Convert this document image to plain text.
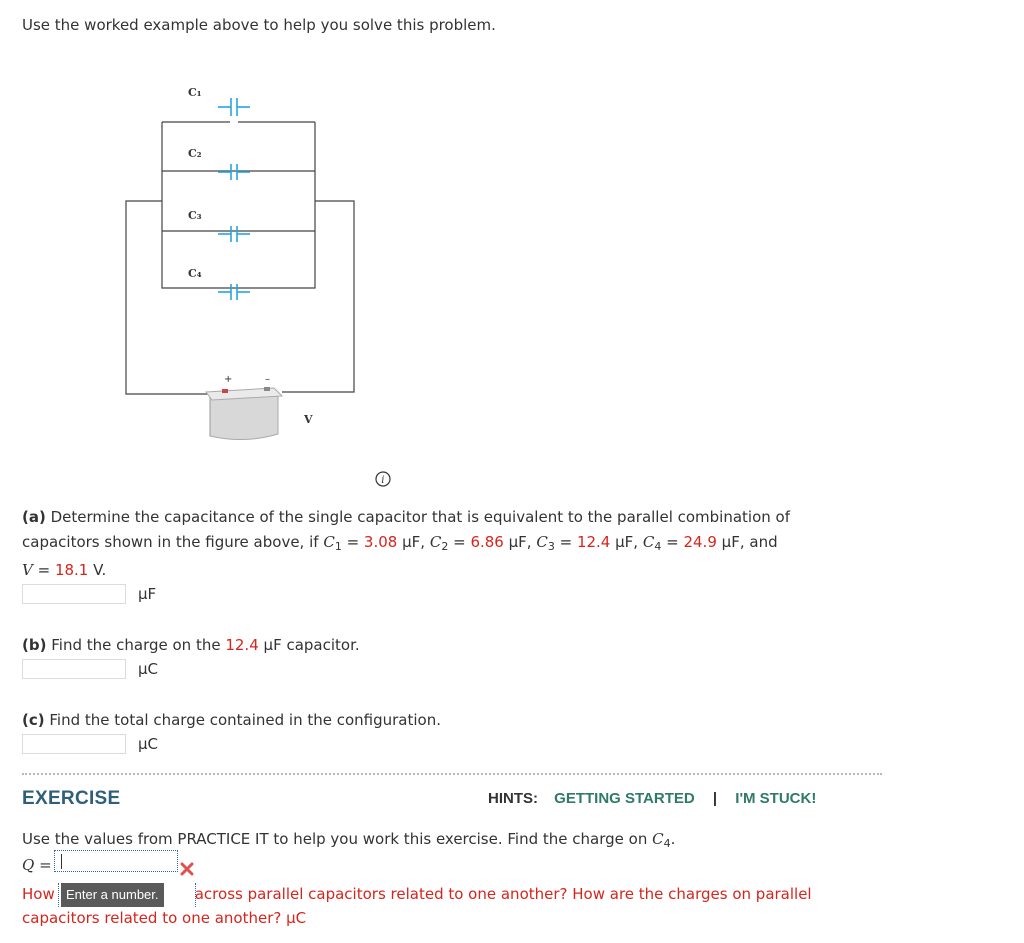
Use the worked example above to help you solve this problem.
C₁
C₂
C₃
C₄
V
+	–
i
(a) Determine the capacitance of the single capacitor that is equivalent to the parallel combination of
capacitors shown in the figure above, if $C_1 = 3.08$ µF, $C_2 = 6.86$ µF, $C_3 = 12.4$ µF, $C_4 = 24.9$ µF, and
V = 18.1 V.
µF
(b) Find the charge on the 12.4 µF capacitor.
µC
(c) Find the total charge contained in the configuration.
µC
EXERCISE	HINTS: GETTING STARTED | I'M STUCK!
Use the values from PRACTICE IT to help you work this exercise. Find the charge on $C_4$.
Q =
How	across parallel capacitors related to one another? How are the charges on parallel
Enter a number.
capacitors related to one another? µC
